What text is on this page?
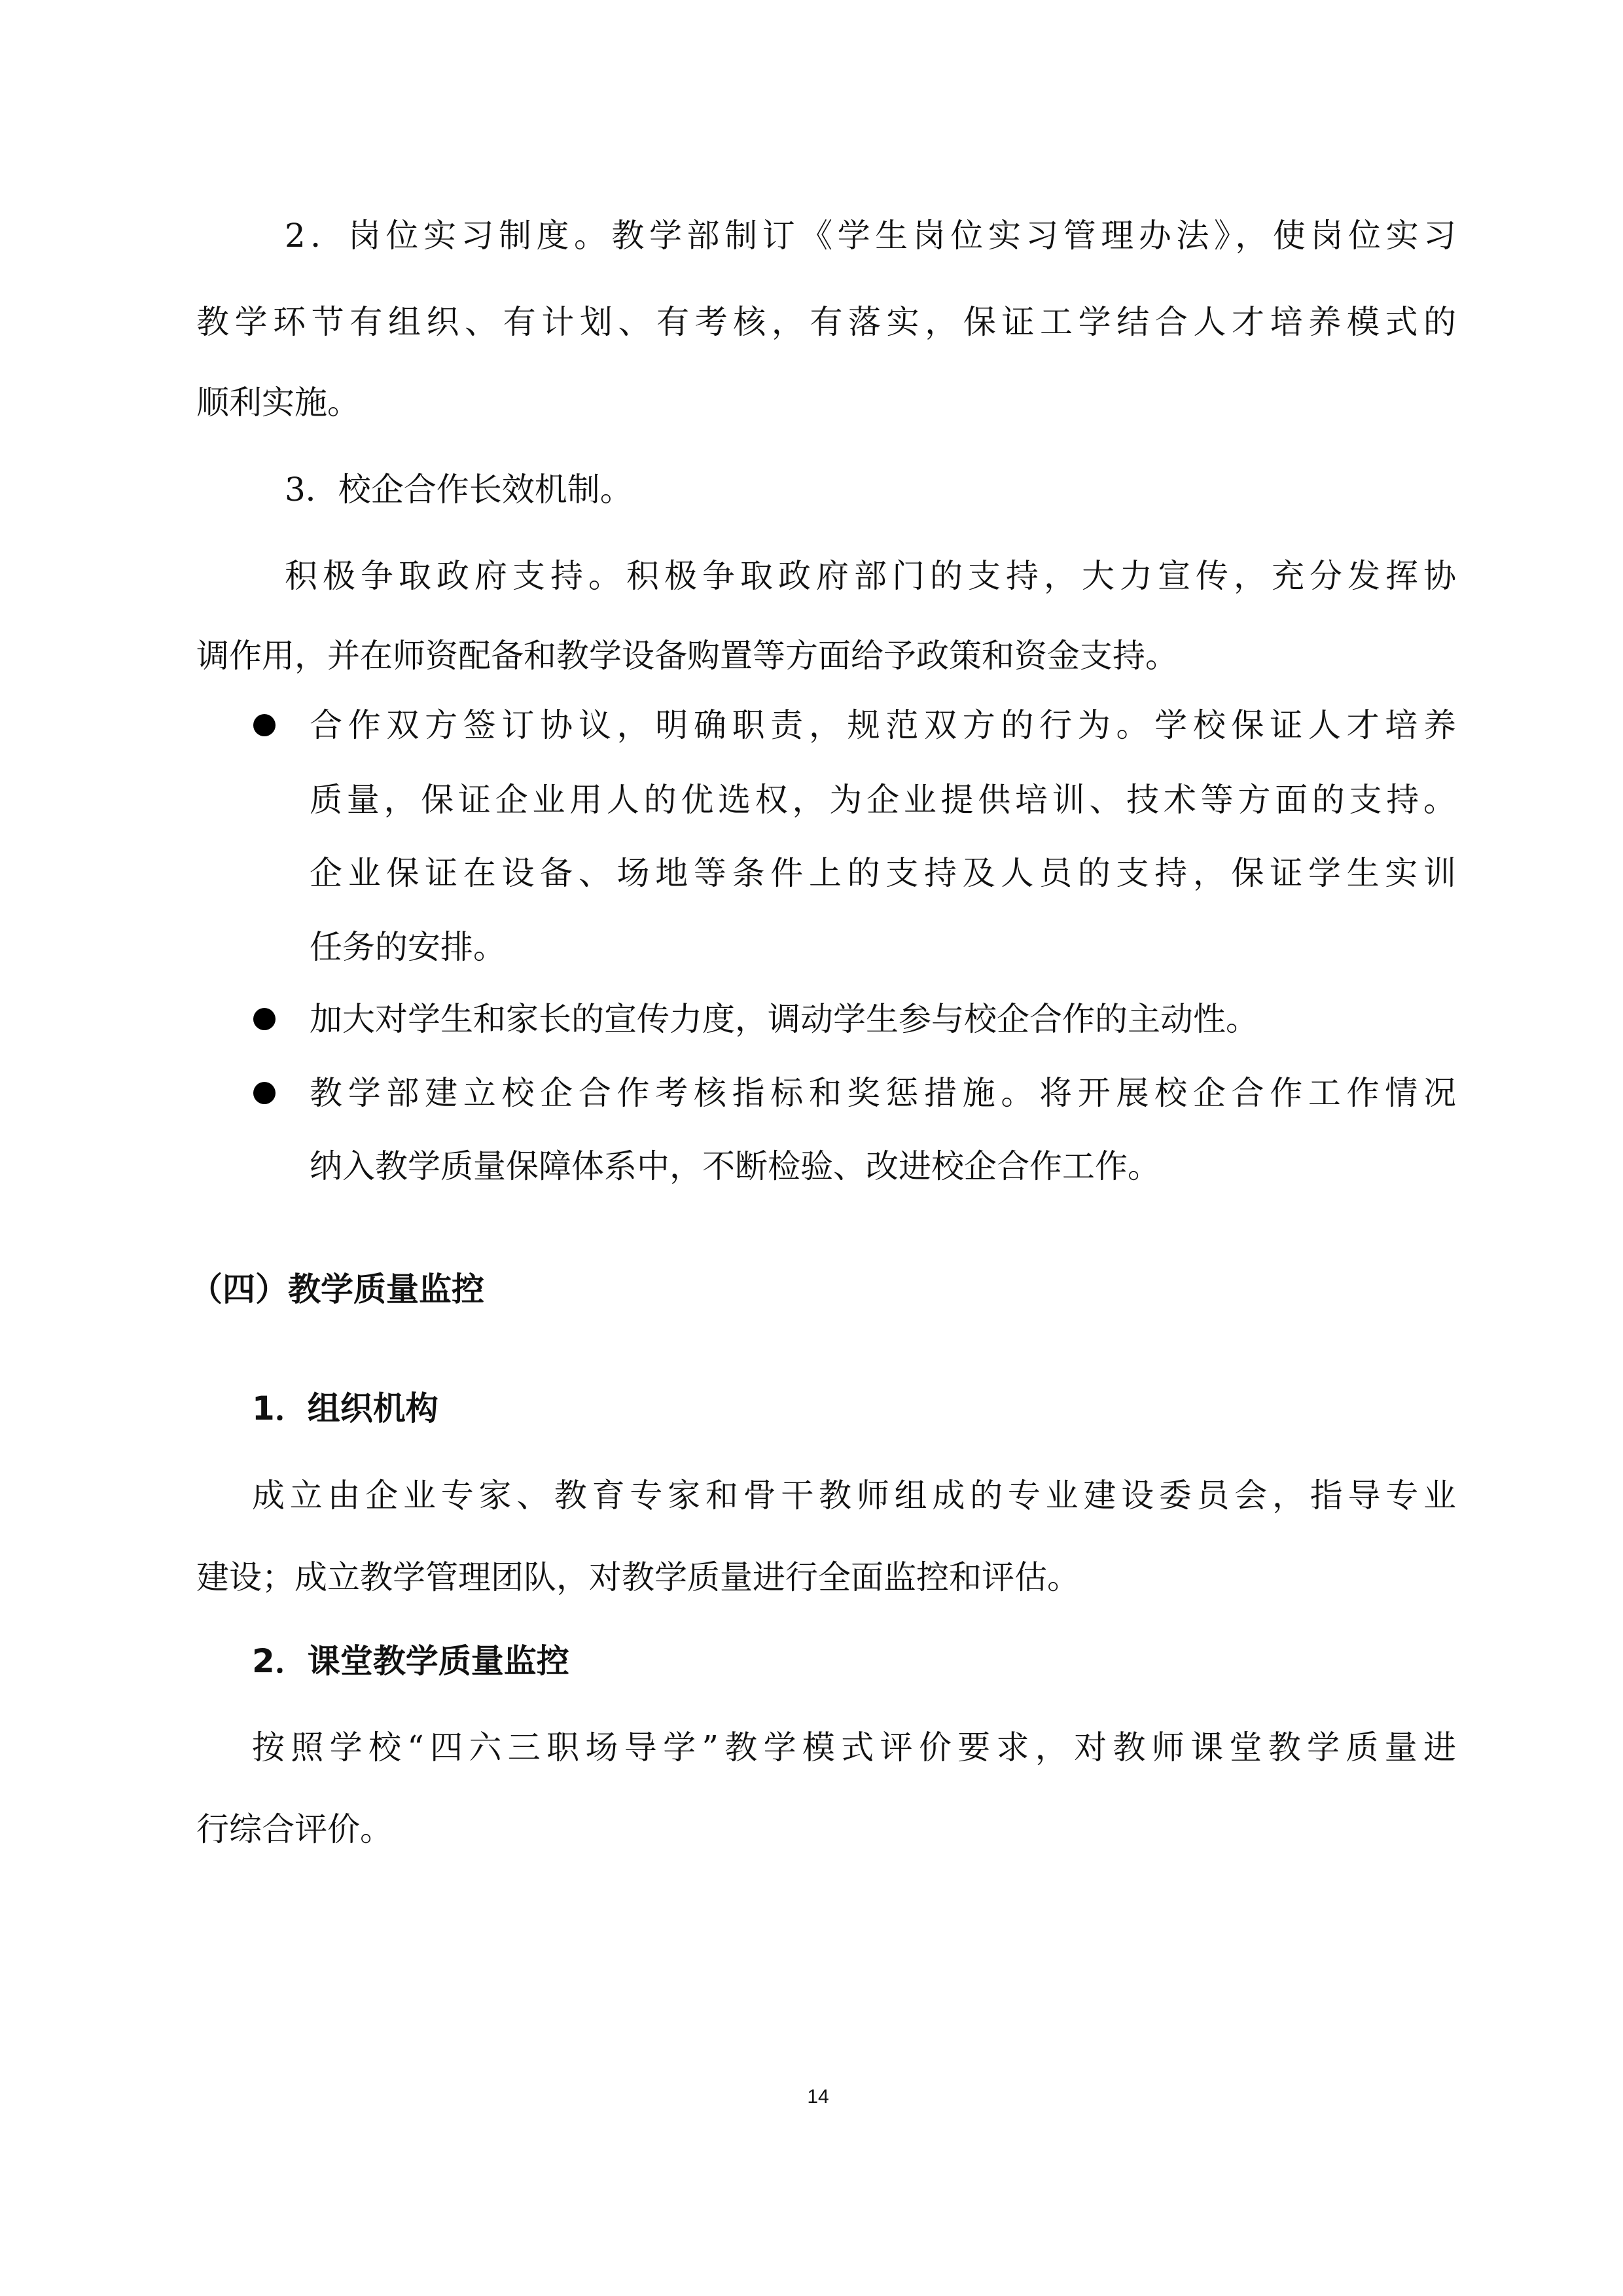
2．岗位实习制度。教学部制订《学生岗位实习管理办法》，使岗位实习
教学环节有组织、有计划、有考核，有落实，保证工学结合人才培养模式的
顺利实施。
3．校企合作长效机制。
积极争取政府支持。积极争取政府部门的支持，大力宣传，充分发挥协
调作用，并在师资配备和教学设备购置等方面给予政策和资金支持。
合作双方签订协议，明确职责，规范双方的行为。学校保证人才培养
质量，保证企业用人的优选权，为企业提供培训、技术等方面的支持。
企业保证在设备、场地等条件上的支持及人员的支持，保证学生实训
任务的安排。
加大对学生和家长的宣传力度，调动学生参与校企合作的主动性。
教学部建立校企合作考核指标和奖惩措施。将开展校企合作工作情况
纳入教学质量保障体系中，不断检验、改进校企合作工作。
（四）教学质量监控
1．组织机构
成立由企业专家、教育专家和骨干教师组成的专业建设委员会，指导专业
建设；成立教学管理团队，对教学质量进行全面监控和评估。
2．课堂教学质量监控
按照学校“四六三职场导学”教学模式评价要求，对教师课堂教学质量进
行综合评价。
14
